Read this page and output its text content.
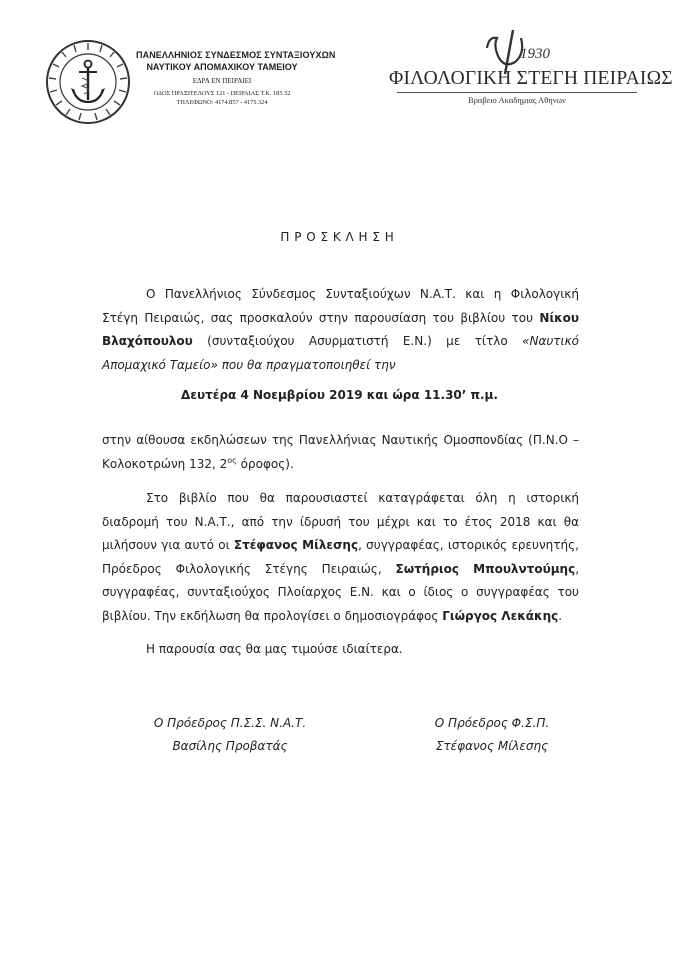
ΠΑΝΕΛΛΗΝΙΟΣ ΣΥΝΔΕΣΜΟΣ ΣΥΝΤΑΞΙΟΥΧΩΝ
ΝΑΥΤΙΚΟΥ ΑΠΟΜΑΧΙΚΟΥ ΤΑΜΕΙΟΥ
ΕΔΡΑ ΕΝ ΠΕΙΡΑΙΕΙ
ΟΔΟΣ ΠΡΑΞΙΤΕΛΟΥΣ 121 - ΠΕΙΡΑΙΑΣ Τ.Κ. 185 32
ΤΗΛΕΦΩΝΟ: 4174.857 - 4175.324
1930
ΦΙΛΟΛΟΓΙΚΗ ΣΤΕΓΗ ΠΕΙΡΑΙΩΣ
Βραβειο Ακαδημιας Αθηνων
ΠΡΟΣΚΛΗΣΗ
Ο Πανελλήνιος Σύνδεσμος Συνταξιούχων Ν.Α.Τ. και η Φιλολογική Στέγη Πειραιώς, σας προσκαλούν στην παρουσίαση του βιβλίου του Νίκου Βλαχόπουλου (συνταξιούχου Ασυρματιστή Ε.Ν.) με τίτλο «Ναυτικό Απομαχικό Ταμείο» που θα πραγματοποιηθεί την
Δευτέρα 4 Νοεμβρίου 2019 και ώρα 11.30’ π.μ.
στην αίθουσα εκδηλώσεων της Πανελλήνιας Ναυτικής Ομοσπονδίας (Π.Ν.Ο – Κολοκοτρώνη 132, $2^{o\varsigma}$ όροφος).
Στο βιβλίο που θα παρουσιαστεί καταγράφεται όλη η ιστορική διαδρομή του Ν.Α.Τ., από την ίδρυσή του μέχρι και το έτος 2018 και θα μιλήσουν για αυτό οι Στέφανος Μίλεσης, συγγραφέας, ιστορικός ερευνητής, Πρόεδρος Φιλολογικής Στέγης Πειραιώς, Σωτήριος Μπουλντούμης, συγγραφέας, συνταξιούχος Πλοίαρχος Ε.Ν. και ο ίδιος ο συγγραφέας του βιβλίου. Την εκδήλωση θα προλογίσει ο δημοσιογράφος Γιώργος Λεκάκης.
Η παρουσία σας θα μας τιμούσε ιδιαίτερα.
Ο Πρόεδρος Π.Σ.Σ. Ν.Α.Τ.
Βασίλης Προβατάς
Ο Πρόεδρος Φ.Σ.Π.
Στέφανος Μίλεσης
